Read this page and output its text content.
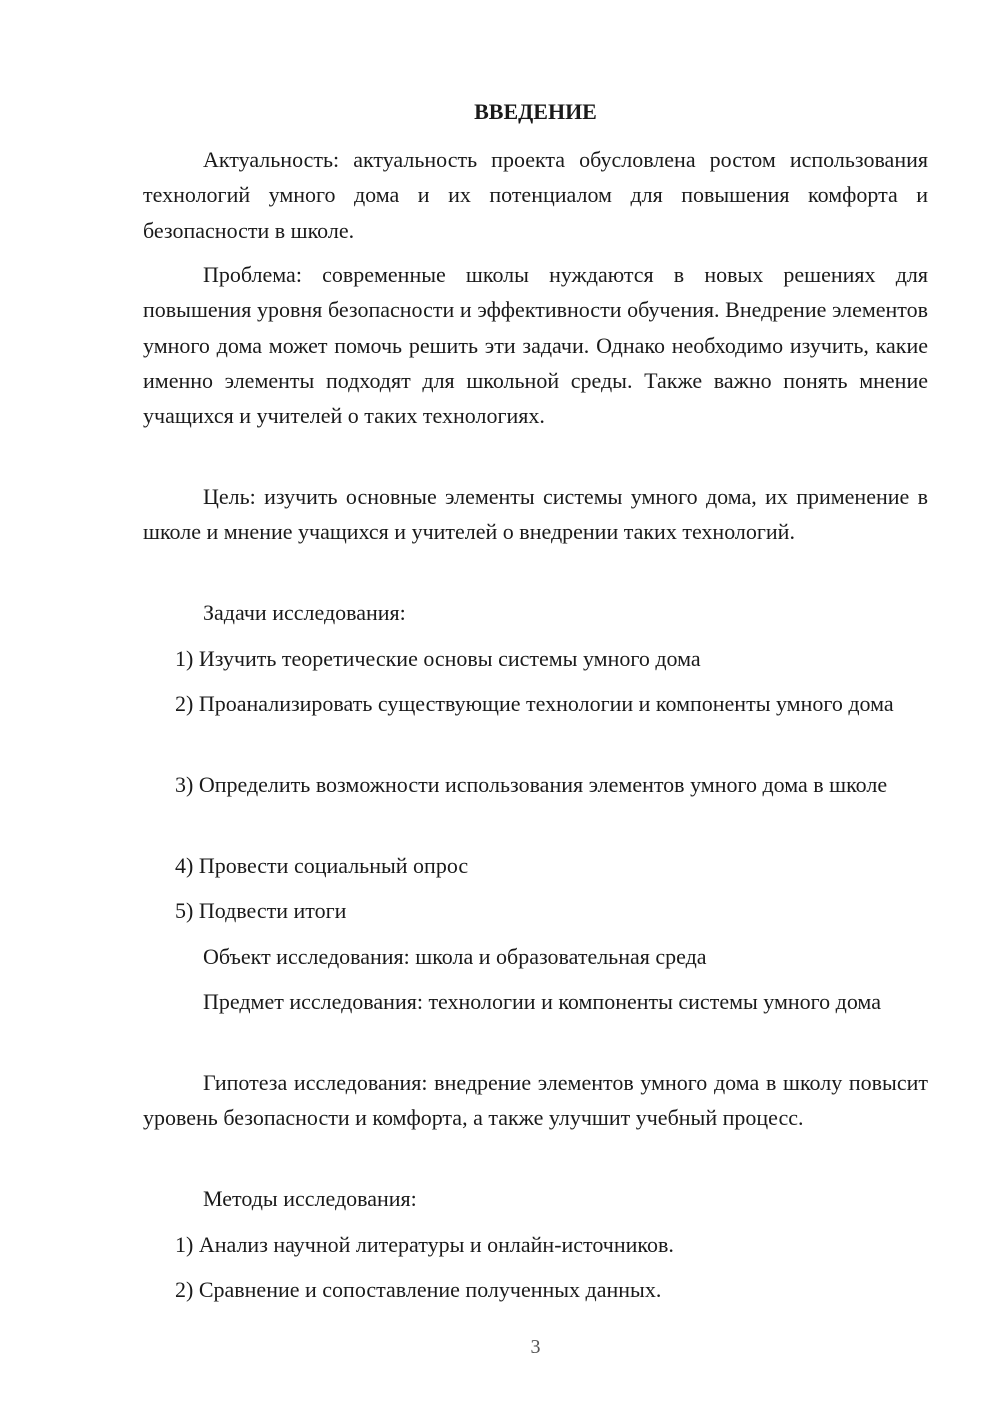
ВВЕДЕНИЕ

Актуальность: актуальность проекта обусловлена ростом использования технологий умного дома и их потенциалом для повышения комфорта и безопасности в школе.

Проблема: современные школы нуждаются в новых решениях для повышения уровня безопасности и эффективности обучения. Внедрение элементов умного дома может помочь решить эти задачи. Однако необходимо изучить, какие именно элементы подходят для школьной среды. Также важно понять мнение учащихся и учителей о таких технологиях.

Цель: изучить основные элементы системы умного дома, их применение в школе и мнение учащихся и учителей о внедрении таких технологий.

Задачи исследования:

1) Изучить теоретические основы системы умного дома

2) Проанализировать существующие технологии и компоненты умного дома

3) Определить возможности использования элементов умного дома в школе

4) Провести социальный опрос

5) Подвести итоги

Объект исследования: школа и образовательная среда

Предмет исследования: технологии и компоненты системы умного дома

Гипотеза исследования: внедрение элементов умного дома в школу повысит уровень безопасности и комфорта, а также улучшит учебный процесс.

Методы исследования:

1) Анализ научной литературы и онлайн-источников.

2) Сравнение и сопоставление полученных данных.

3
